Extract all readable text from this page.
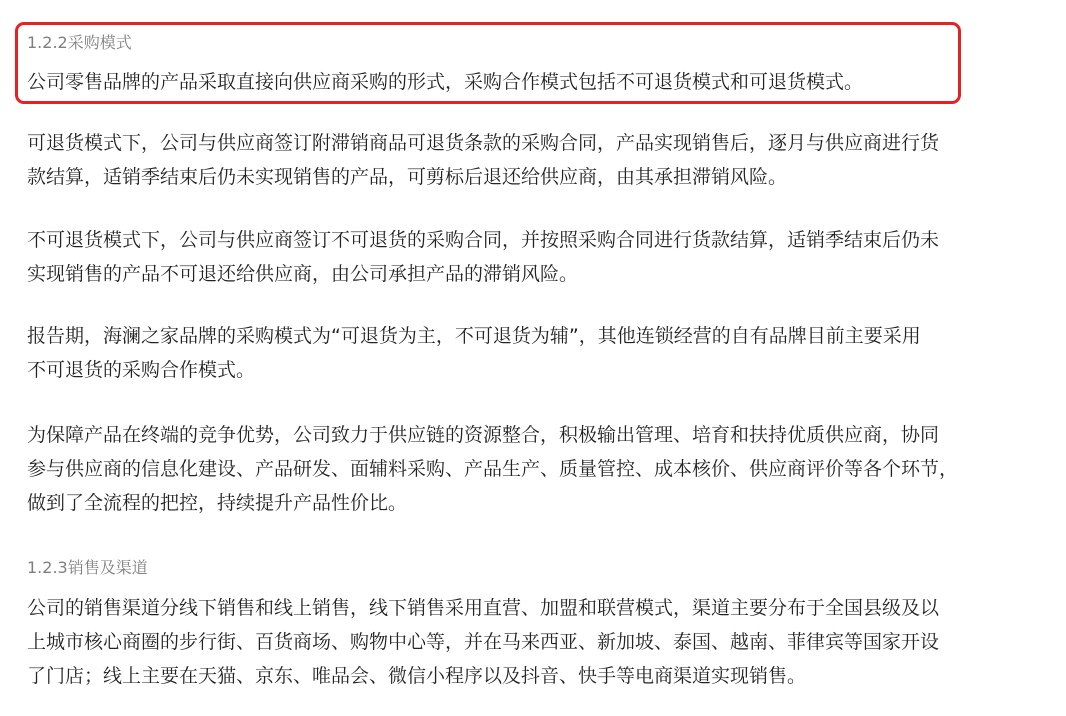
1.2.2采购模式
公司零售品牌的产品采取直接向供应商采购的形式，采购合作模式包括不可退货模式和可退货模式。
可退货模式下，公司与供应商签订附滞销商品可退货条款的采购合同，产品实现销售后，逐月与供应商进行货
款结算，适销季结束后仍未实现销售的产品，可剪标后退还给供应商，由其承担滞销风险。
不可退货模式下，公司与供应商签订不可退货的采购合同，并按照采购合同进行货款结算，适销季结束后仍未
实现销售的产品不可退还给供应商，由公司承担产品的滞销风险。
报告期，海澜之家品牌的采购模式为“可退货为主，不可退货为辅”，其他连锁经营的自有品牌目前主要采用
不可退货的采购合作模式。
为保障产品在终端的竞争优势，公司致力于供应链的资源整合，积极输出管理、培育和扶持优质供应商，协同
参与供应商的信息化建设、产品研发、面辅料采购、产品生产、质量管控、成本核价、供应商评价等各个环节，
做到了全流程的把控，持续提升产品性价比。
1.2.3销售及渠道
公司的销售渠道分线下销售和线上销售，线下销售采用直营、加盟和联营模式，渠道主要分布于全国县级及以
上城市核心商圈的步行街、百货商场、购物中心等，并在马来西亚、新加坡、泰国、越南、菲律宾等国家开设
了门店；线上主要在天猫、京东、唯品会、微信小程序以及抖音、快手等电商渠道实现销售。
